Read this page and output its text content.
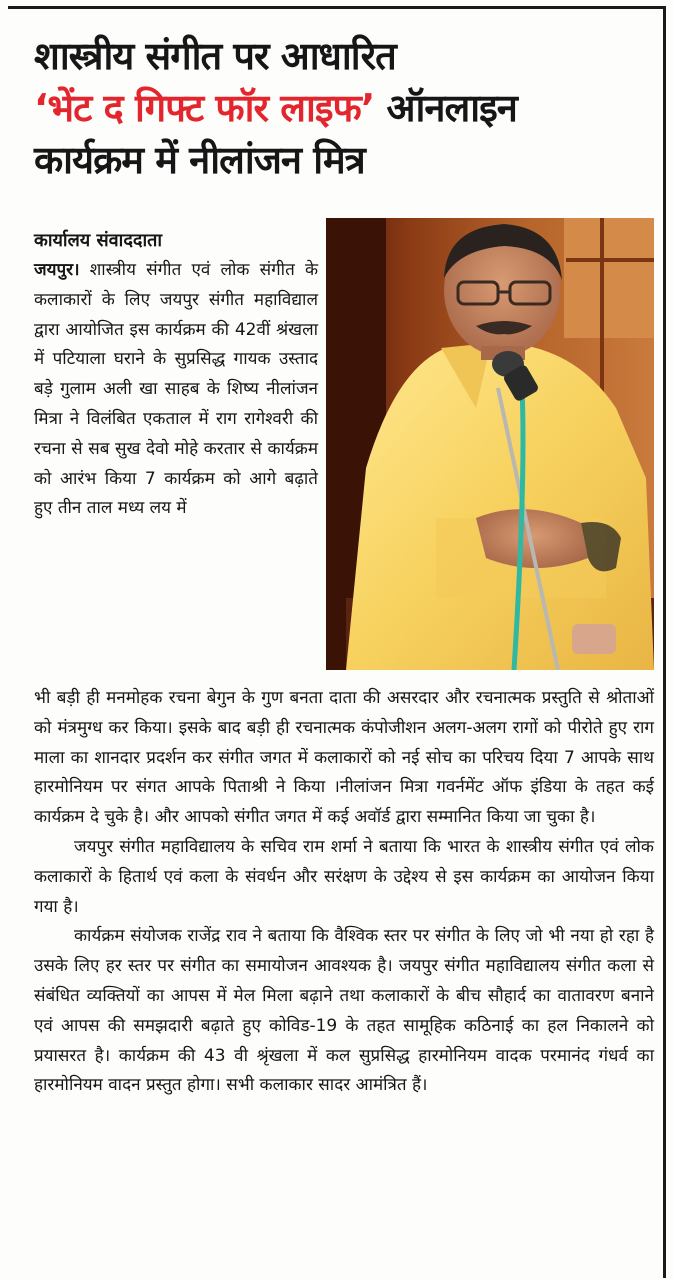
शास्त्रीय संगीत पर आधारित
‘भेंट द गिफ्ट फॉर लाइफ’ ऑनलाइन
कार्यक्रम में नीलांजन मित्र
कार्यालय संवाददाता

जयपुर। शास्त्रीय संगीत एवं लोक संगीत के कलाकारों के लिए जयपुर संगीत महाविद्याल द्वारा आयोजित इस कार्यक्रम की 42वीं श्रंखला में पटियाला घराने के सुप्रसिद्ध गायक उस्ताद बड़े गुलाम अली खा साहब के शिष्य नीलांजन मित्रा ने विलंबित एकताल में राग रागेश्वरी की रचना से सब सुख देवो मोहे करतार से कार्यक्रम को आरंभ किया 7 कार्यक्रम को आगे बढ़ाते हुए तीन ताल मध्य लय में

भी बड़ी ही मनमोहक रचना बेगुन के गुण बनता दाता की असरदार और रचनात्मक प्रस्तुति से श्रोताओं को मंत्रमुग्ध कर किया। इसके बाद बड़ी ही रचनात्मक कंपोजीशन अलग-अलग रागों को पीरोते हुए राग माला का शानदार प्रदर्शन कर संगीत जगत में कलाकारों को नई सोच का परिचय दिया 7 आपके साथ हारमोनियम पर संगत आपके पिताश्री ने किया ।नीलांजन मित्रा गवर्नमेंट ऑफ इंडिया के तहत कई कार्यक्रम दे चुके है। और आपको संगीत जगत में कई अवॉर्ड द्वारा सम्मानित किया जा चुका है।

जयपुर संगीत महाविद्यालय के सचिव राम शर्मा ने बताया कि भारत के शास्त्रीय संगीत एवं लोक कलाकारों के हितार्थ एवं कला के संवर्धन और सरंक्षण के उद्देश्य से इस कार्यक्रम का आयोजन किया गया है।

कार्यक्रम संयोजक राजेंद्र राव ने बताया कि वैश्विक स्तर पर संगीत के लिए जो भी नया हो रहा है उसके लिए हर स्तर पर संगीत का समायोजन आवश्यक है। जयपुर संगीत महाविद्यालय संगीत कला से संबंधित व्यक्तियों का आपस में मेल मिला बढ़ाने तथा कलाकारों के बीच सौहार्द का वातावरण बनाने एवं आपस की समझदारी बढ़ाते हुए कोविड-19 के तहत सामूहिक कठिनाई का हल निकालने को प्रयासरत है। कार्यक्रम की 43 वी श्रृंखला में कल सुप्रसिद्ध हारमोनियम वादक परमानंद गंधर्व का हारमोनियम वादन प्रस्तुत होगा। सभी कलाकार सादर आमंत्रित हैं।
